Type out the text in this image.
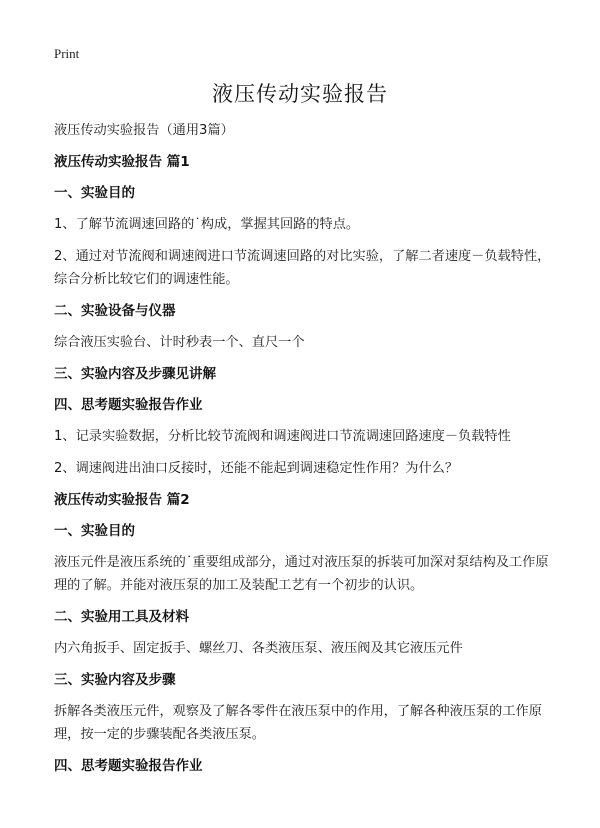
Print
液压传动实验报告

液压传动实验报告（通用3篇）

液压传动实验报告 篇1

一、实验目的

1、了解节流调速回路的˙构成，掌握其回路的特点。

2、通过对节流阀和调速阀进口节流调速回路的对比实验，了解二者速度－负载特性，综合分析比较它们的调速性能。

二、实验设备与仪器

综合液压实验台、计时秒表一个、直尺一个

三、实验内容及步骤见讲解

四、思考题实验报告作业

1、记录实验数据，分析比较节流阀和调速阀进口节流调速回路速度－负载特性

2、调速阀进出油口反接时，还能不能起到调速稳定性作用？为什么？

液压传动实验报告 篇2

一、实验目的

液压元件是液压系统的˙重要组成部分，通过对液压泵的拆装可加深对泵结构及工作原理的了解。并能对液压泵的加工及装配工艺有一个初步的认识。

二、实验用工具及材料

内六角扳手、固定扳手、螺丝刀、各类液压泵、液压阀及其它液压元件

三、实验内容及步骤

拆解各类液压元件，观察及了解各零件在液压泵中的作用，了解各种液压泵的工作原理，按一定的步骤装配各类液压泵。

四、思考题实验报告作业
